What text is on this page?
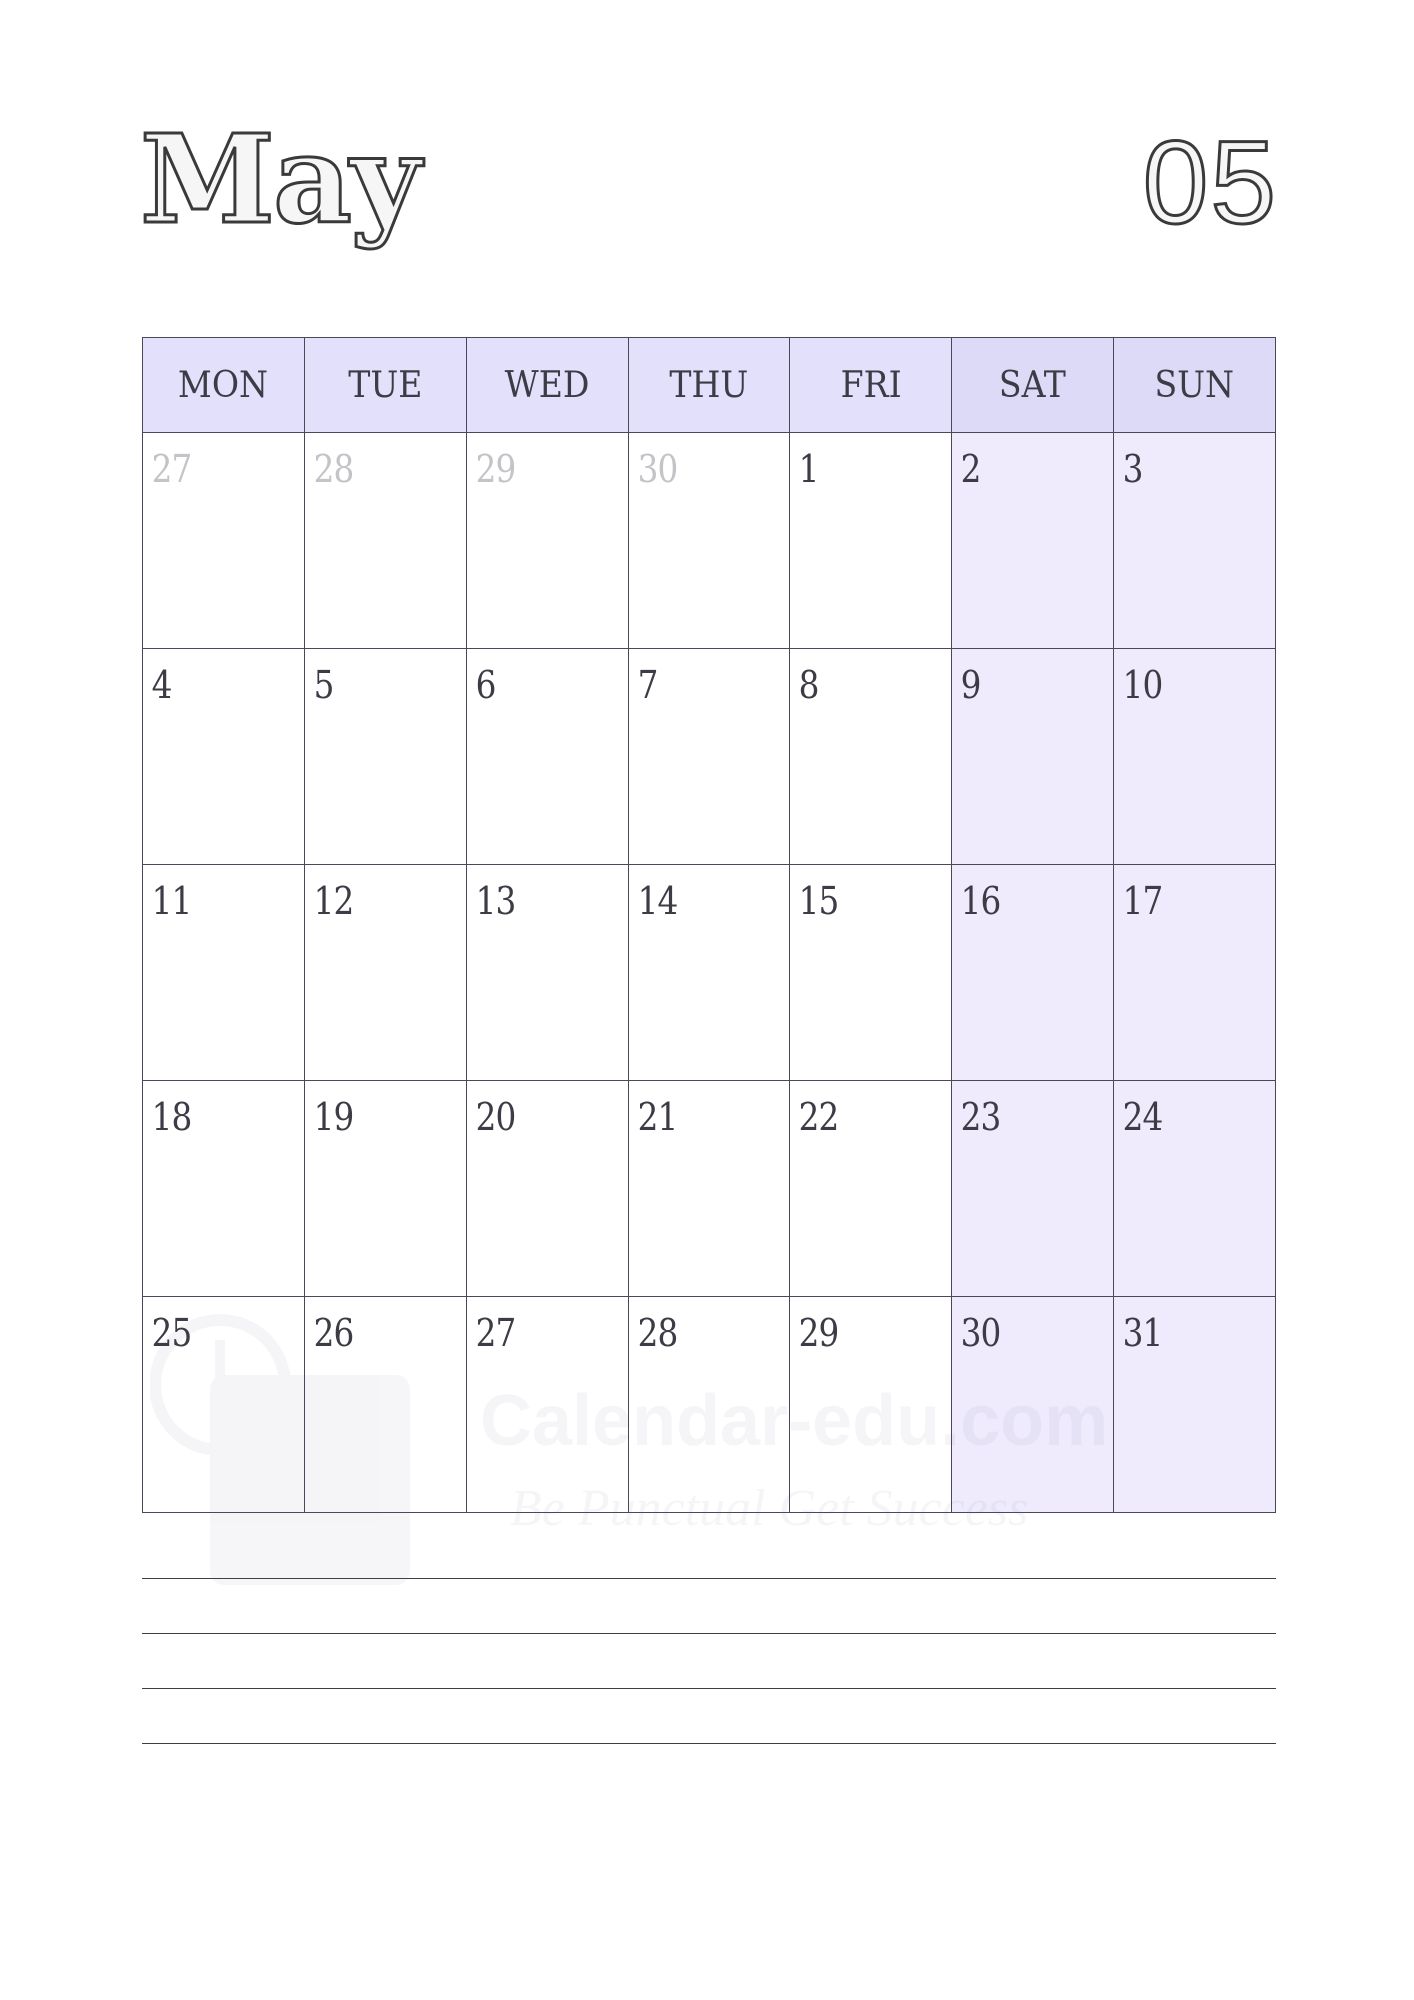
May	05
MON	TUE	WED	THU	FRI	SAT	SUN

27	28	29	30	1	2	3

4	5	6	7	8	9	10

11	12	13	14	15	16	17

18	19	20	21	22	23	24

25	26	27	28	29	30	31
